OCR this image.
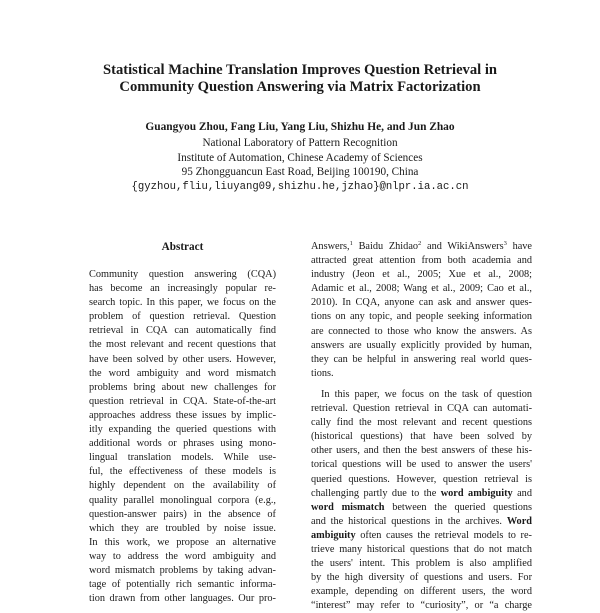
Statistical Machine Translation Improves Question Retrieval in
Community Question Answering via Matrix Factorization
Guangyou Zhou, Fang Liu, Yang Liu, Shizhu He, and Jun Zhao
National Laboratory of Pattern Recognition
Institute of Automation, Chinese Academy of Sciences
95 Zhongguancun East Road, Beijing 100190, China
{gyzhou,fliu,liuyang09,shizhu.he,jzhao}@nlpr.ia.ac.cn
Abstract
Community question answering (CQA)
has become an increasingly popular re-
search topic. In this paper, we focus on the
problem of question retrieval. Question
retrieval in CQA can automatically find
the most relevant and recent questions that
have been solved by other users. However,
the word ambiguity and word mismatch
problems bring about new challenges for
question retrieval in CQA. State-of-the-art
approaches address these issues by implic-
itly expanding the queried questions with
additional words or phrases using mono-
lingual translation models. While use-
ful, the effectiveness of these models is
highly dependent on the availability of
quality parallel monolingual corpora (e.g.,
question-answer pairs) in the absence of
which they are troubled by noise issue.
In this work, we propose an alternative
way to address the word ambiguity and
word mismatch problems by taking advan-
tage of potentially rich semantic informa-
tion drawn from other languages. Our pro-
Answers,$^1$ Baidu Zhidao$^2$ and WikiAnswers$^3$ have
attracted great attention from both academia and
industry (Jeon et al., 2005; Xue et al., 2008;
Adamic et al., 2008; Wang et al., 2009; Cao et al.,
2010). In CQA, anyone can ask and answer ques-
tions on any topic, and people seeking information
are connected to those who know the answers. As
answers are usually explicitly provided by human,
they can be helpful in answering real world ques-
tions.
In this paper, we focus on the task of question
retrieval. Question retrieval in CQA can automati-
cally find the most relevant and recent questions
(historical questions) that have been solved by
other users, and then the best answers of these his-
torical questions will be used to answer the users'
queried questions. However, question retrieval is
challenging partly due to the word ambiguity and
word mismatch between the queried questions
and the historical questions in the archives. Word
ambiguity often causes the retrieval models to re-
trieve many historical questions that do not match
the users' intent. This problem is also amplified
by the high diversity of questions and users. For
example, depending on different users, the word
“interest” may refer to “curiosity”, or “a charge
